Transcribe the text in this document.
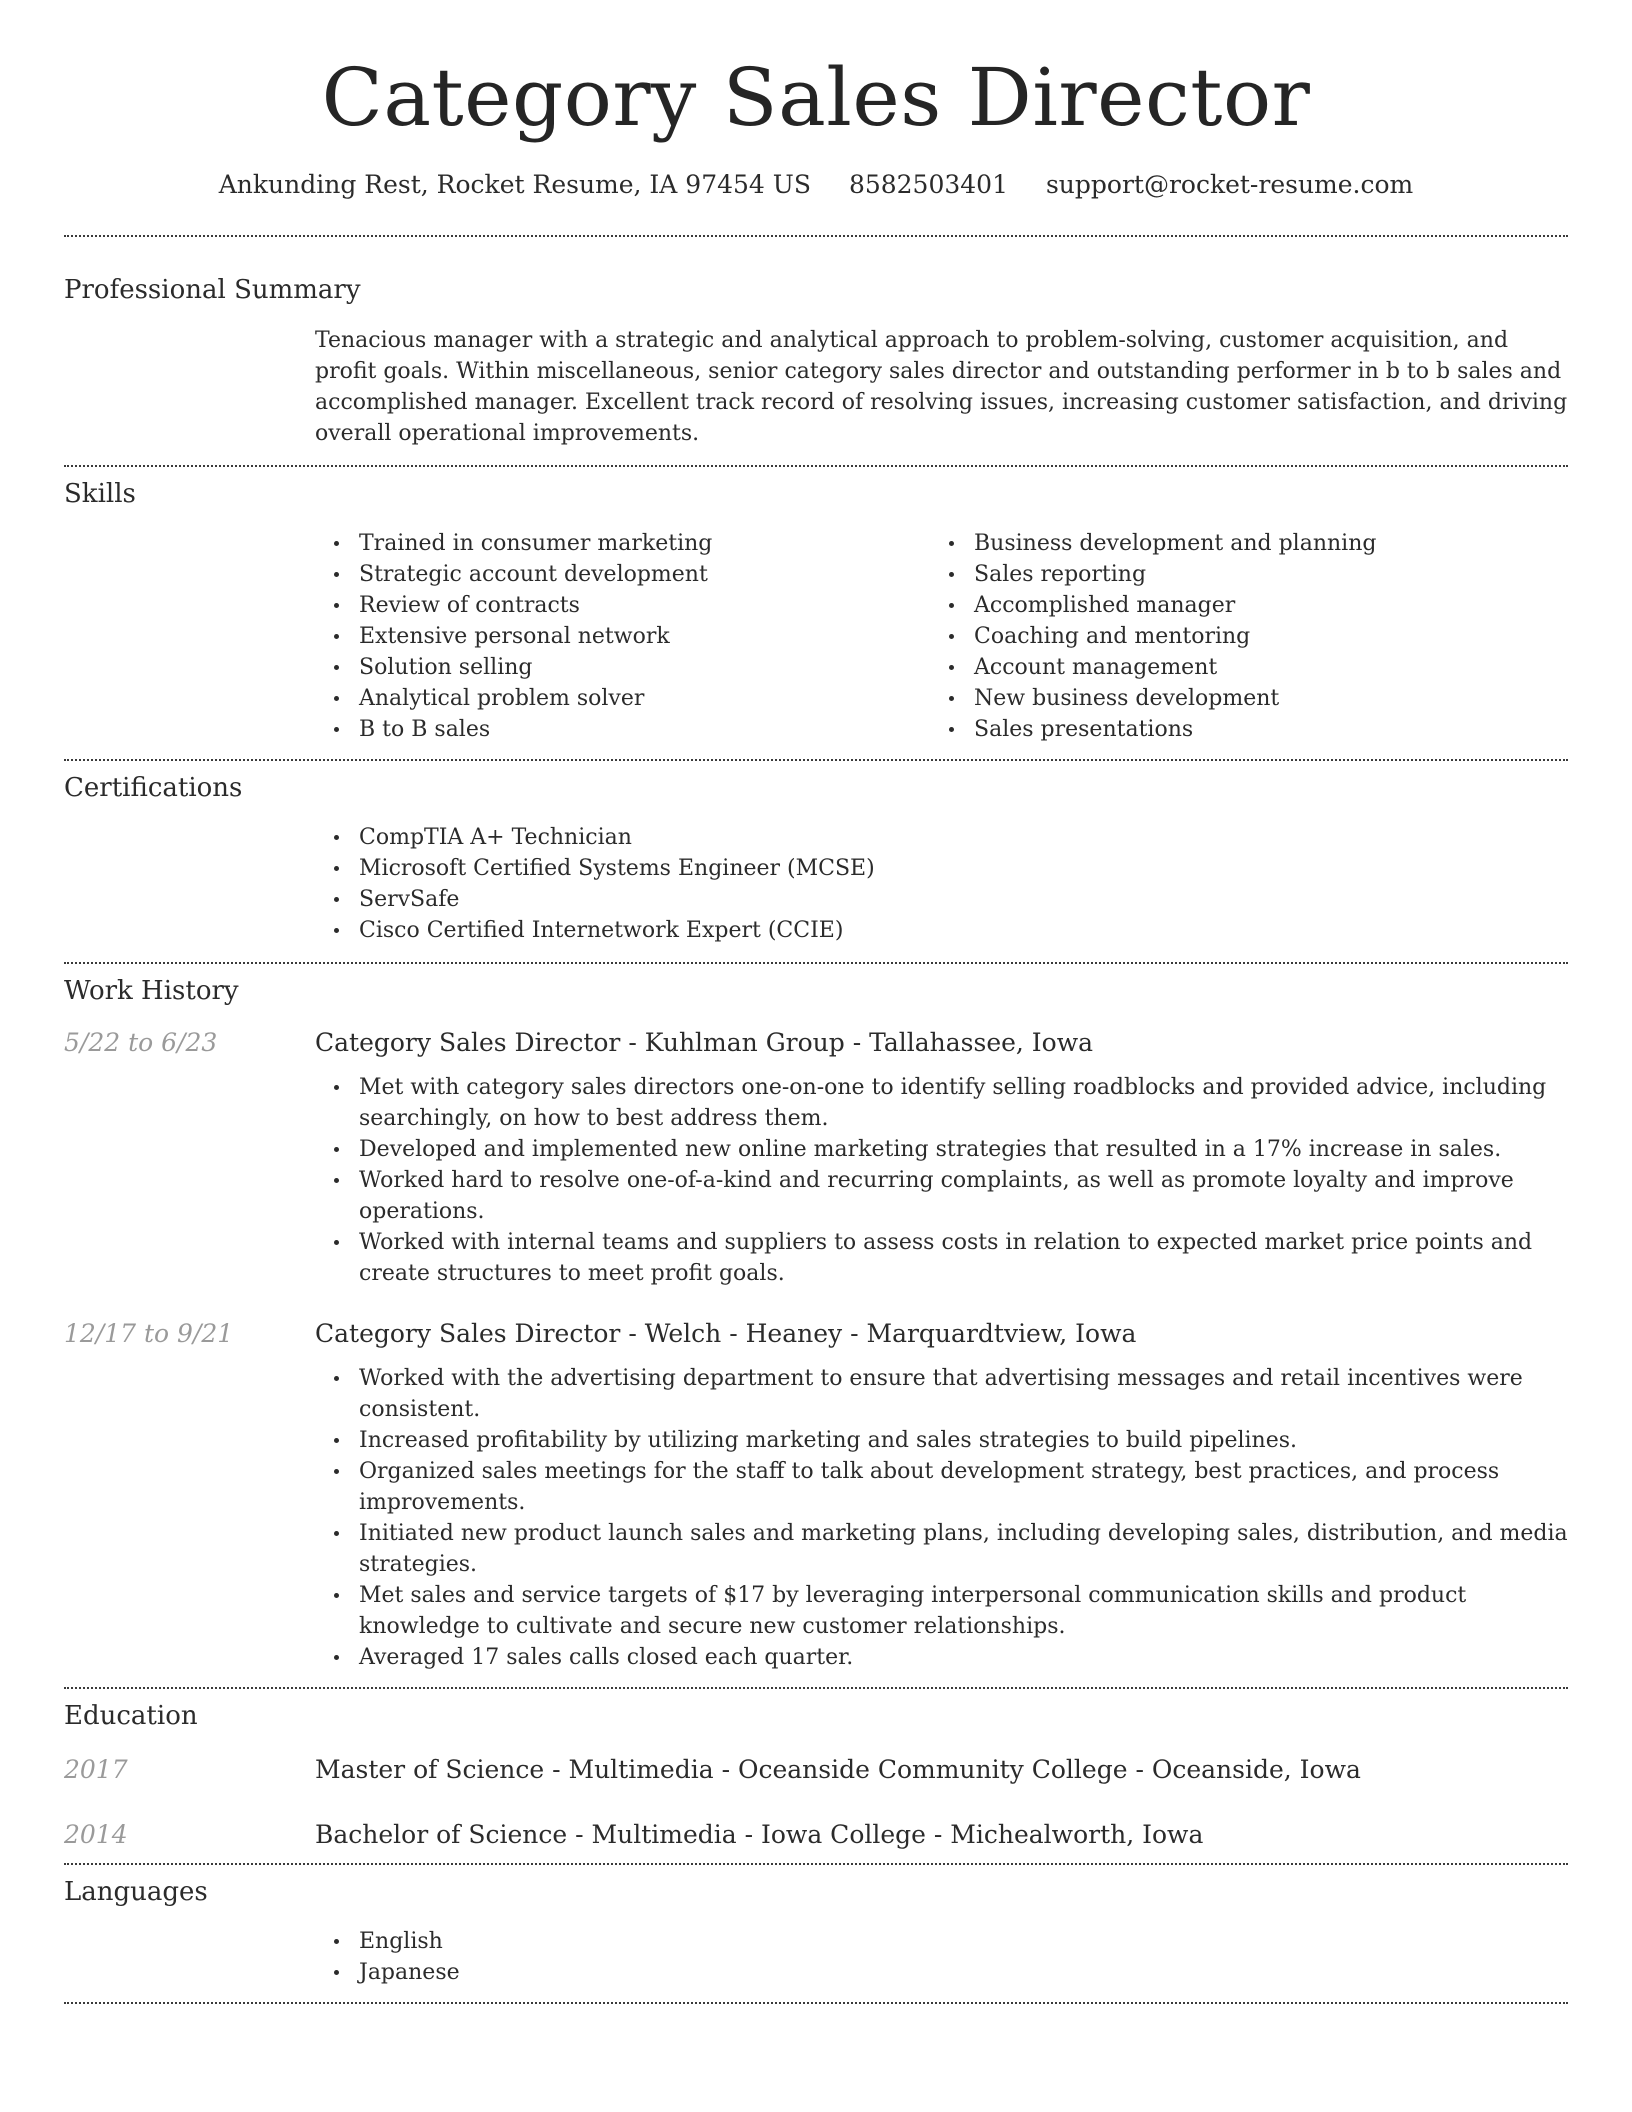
Category Sales Director
Ankunding Rest, Rocket Resume, IA 97454 US 8582503401 support@rocket-resume.com
Professional Summary

Tenacious manager with a strategic and analytical approach to problem-solving, customer acquisition, and profit goals. Within miscellaneous, senior category sales director and outstanding performer in b to b sales and accomplished manager. Excellent track record of resolving issues, increasing customer satisfaction, and driving overall operational improvements.

Skills
Trained in consumer marketing
Strategic account development
Review of contracts
Extensive personal network
Solution selling
Analytical problem solver
B to B sales
Business development and planning
Sales reporting
Accomplished manager
Coaching and mentoring
Account management
New business development
Sales presentations
Certifications
CompTIA A+ Technician
Microsoft Certified Systems Engineer (MCSE)
ServSafe
Cisco Certified Internetwork Expert (CCIE)
Work History
5/22 to 6/23	Category Sales Director - Kuhlman Group - Tallahassee, Iowa
Met with category sales directors one-on-one to identify selling roadblocks and provided advice, including searchingly, on how to best address them.
Developed and implemented new online marketing strategies that resulted in a 17% increase in sales.
Worked hard to resolve one-of-a-kind and recurring complaints, as well as promote loyalty and improve operations.
Worked with internal teams and suppliers to assess costs in relation to expected market price points and create structures to meet profit goals.
12/17 to 9/21	Category Sales Director - Welch - Heaney - Marquardtview, Iowa
Worked with the advertising department to ensure that advertising messages and retail incentives were consistent.
Increased profitability by utilizing marketing and sales strategies to build pipelines.
Organized sales meetings for the staff to talk about development strategy, best practices, and process improvements.
Initiated new product launch sales and marketing plans, including developing sales, distribution, and media strategies.
Met sales and service targets of $17 by leveraging interpersonal communication skills and product knowledge to cultivate and secure new customer relationships.
Averaged 17 sales calls closed each quarter.
Education
2017	Master of Science - Multimedia - Oceanside Community College - Oceanside, Iowa
2014	Bachelor of Science - Multimedia - Iowa College - Michealworth, Iowa
Languages
English
Japanese
